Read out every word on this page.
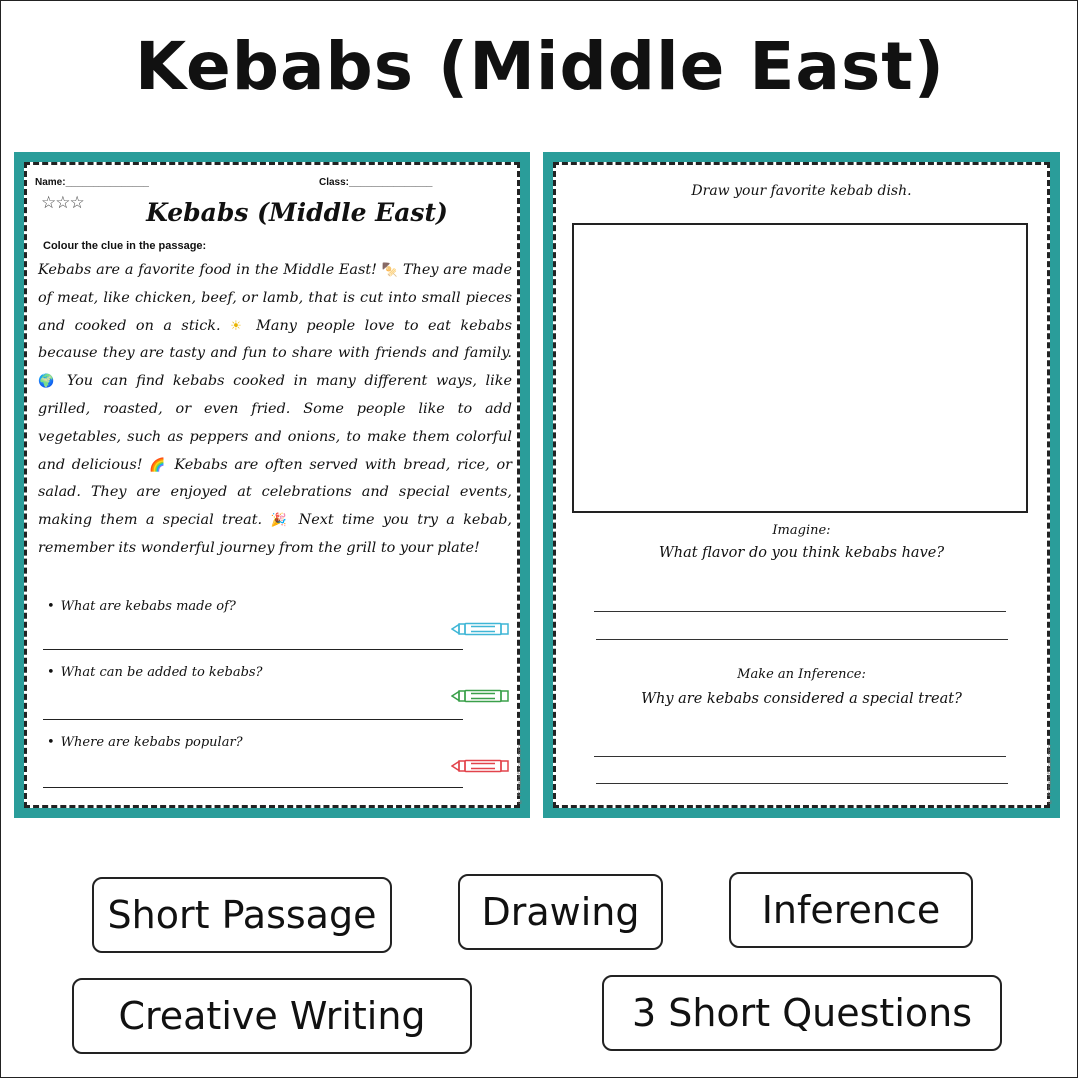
Kebabs (Middle East)
Name:_______________	Class:_______________
☆☆☆	Kebabs (Middle East)
Colour the clue in the passage:

Kebabs are a favorite food in the Middle East! 🍢 They are made of meat, like chicken, beef, or lamb, that is cut into small pieces and cooked on a stick. ☀ Many people love to eat kebabs because they are tasty and fun to share with friends and family. 🌍 You can find kebabs cooked in many different ways, like grilled, roasted, or even fried. Some people like to add vegetables, such as peppers and onions, to make them colorful and delicious! 🌈 Kebabs are often served with bread, rice, or salad. They are enjoyed at celebrations and special events, making them a special treat. 🎉 Next time you try a kebab, remember its wonderful journey from the grill to your plate!

• What are kebabs made of?
• What can be added to kebabs?
• Where are kebabs popular?
© PrintableBazaar.com
Draw your favorite kebab dish.
Imagine:
What flavor do you think kebabs have?
Make an Inference:
Why are kebabs considered a special treat?
© PrintableBazaar.com
Short Passage	Drawing	Inference
Creative Writing	3 Short Questions
